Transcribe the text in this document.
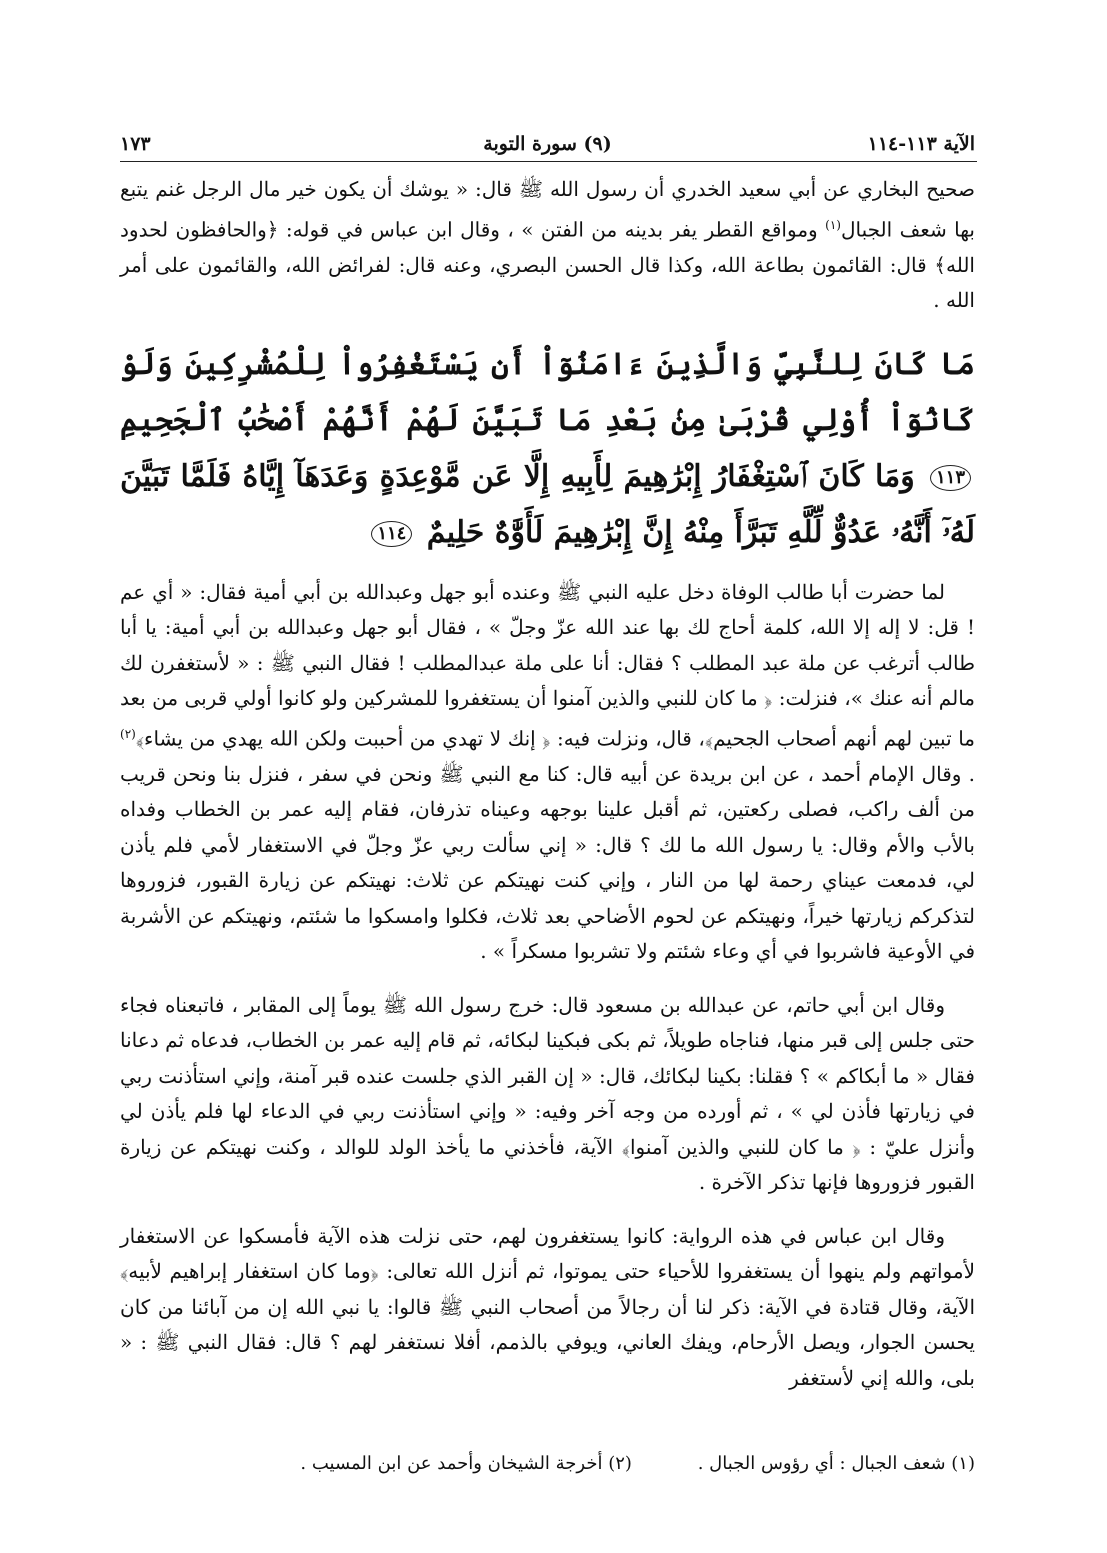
الآية ١١٣-١١٤
(٩) سورة التوبة
١٧٣

صحيح البخاري عن أبي سعيد الخدري أن رسول الله ﷺ قال: « يوشك أن يكون خير مال الرجل غنم يتبع بها شعف الجبال$^{(١)}$ ومواقع القطر يفر بدينه من الفتن » ، وقال ابن عباس في قوله: ﴿والحافظون لحدود الله﴾ قال: القائمون بطاعة الله، وكذا قال الحسن البصري، وعنه قال: لفرائض الله، والقائمون على أمر الله .

مَا كَانَ لِلنَّبِيِّ وَالَّذِينَ ءَامَنُوٓاْ أَن يَسْتَغْفِرُواْ لِلْمُشْرِكِينَ وَلَوْ كَانُوٓاْ أُوْلِي قُرْبَىٰ مِنۢ بَعْدِ مَا تَبَيَّنَ لَهُمْ أَنَّهُمْ أَصْحَٰبُ ٱلْجَحِيمِ ١١٣ وَمَا كَانَ ٱسْتِغْفَارُ إِبْرَٰهِيمَ لِأَبِيهِ إِلَّا عَن مَّوْعِدَةٍ وَعَدَهَآ إِيَّاهُ فَلَمَّا تَبَيَّنَ لَهُۥٓ أَنَّهُۥ عَدُوٌّ لِّلَّهِ تَبَرَّأَ مِنْهُ إِنَّ إِبْرَٰهِيمَ لَأَوَّٰهٌ حَلِيمٌ ١١٤

لما حضرت أبا طالب الوفاة دخل عليه النبي ﷺ وعنده أبو جهل وعبدالله بن أبي أمية فقال: « أي عم ! قل: لا إله إلا الله، كلمة أحاج لك بها عند الله عزّ وجلّ » ، فقال أبو جهل وعبدالله بن أبي أمية: يا أبا طالب أترغب عن ملة عبد المطلب ؟ فقال: أنا على ملة عبدالمطلب ! فقال النبي ﷺ : « لأستغفرن لك مالم أنه عنك »، فنزلت: ﴿ ما كان للنبي والذين آمنوا أن يستغفروا للمشركين ولو كانوا أولي قربى من بعد ما تبين لهم أنهم أصحاب الجحيم﴾، قال، ونزلت فيه: ﴿ إنك لا تهدي من أحببت ولكن الله يهدي من يشاء﴾$^{(٢)}$ . وقال الإمام أحمد ، عن ابن بريدة عن أبيه قال: كنا مع النبي ﷺ ونحن في سفر ، فنزل بنا ونحن قريب من ألف راكب، فصلى ركعتين، ثم أقبل علينا بوجهه وعيناه تذرفان، فقام إليه عمر بن الخطاب وفداه بالأب والأم وقال: يا رسول الله ما لك ؟ قال: « إني سألت ربي عزّ وجلّ في الاستغفار لأمي فلم يأذن لي، فدمعت عيناي رحمة لها من النار ، وإني كنت نهيتكم عن ثلاث: نهيتكم عن زيارة القبور، فزوروها لتذكركم زيارتها خيراً، ونهيتكم عن لحوم الأضاحي بعد ثلاث، فكلوا وامسكوا ما شئتم، ونهيتكم عن الأشربة في الأوعية فاشربوا في أي وعاء شئتم ولا تشربوا مسكراً » .

وقال ابن أبي حاتم، عن عبدالله بن مسعود قال: خرج رسول الله ﷺ يوماً إلى المقابر ، فاتبعناه فجاء حتى جلس إلى قبر منها، فناجاه طويلاً، ثم بكى فبكينا لبكائه، ثم قام إليه عمر بن الخطاب، فدعاه ثم دعانا فقال « ما أبكاكم » ؟ فقلنا: بكينا لبكائك، قال: « إن القبر الذي جلست عنده قبر آمنة، وإني استأذنت ربي في زيارتها فأذن لي » ، ثم أورده من وجه آخر وفيه: « وإني استأذنت ربي في الدعاء لها فلم يأذن لي وأنزل عليّ : ﴿ ما كان للنبي والذين آمنوا﴾ الآية، فأخذني ما يأخذ الولد للوالد ، وكنت نهيتكم عن زيارة القبور فزوروها فإنها تذكر الآخرة .

وقال ابن عباس في هذه الرواية: كانوا يستغفرون لهم، حتى نزلت هذه الآية فأمسكوا عن الاستغفار لأمواتهم ولم ينهوا أن يستغفروا للأحياء حتى يموتوا، ثم أنزل الله تعالى: ﴿وما كان استغفار إبراهيم لأبيه﴾ الآية، وقال قتادة في الآية: ذكر لنا أن رجالاً من أصحاب النبي ﷺ قالوا: يا نبي الله إن من آبائنا من كان يحسن الجوار، ويصل الأرحام، ويفك العاني، ويوفي بالذمم، أفلا نستغفر لهم ؟ قال: فقال النبي ﷺ : « بلى، والله إني لأستغفر

(١) شعف الجبال : أي رؤوس الجبال . (٢) أخرجة الشيخان وأحمد عن ابن المسيب .
